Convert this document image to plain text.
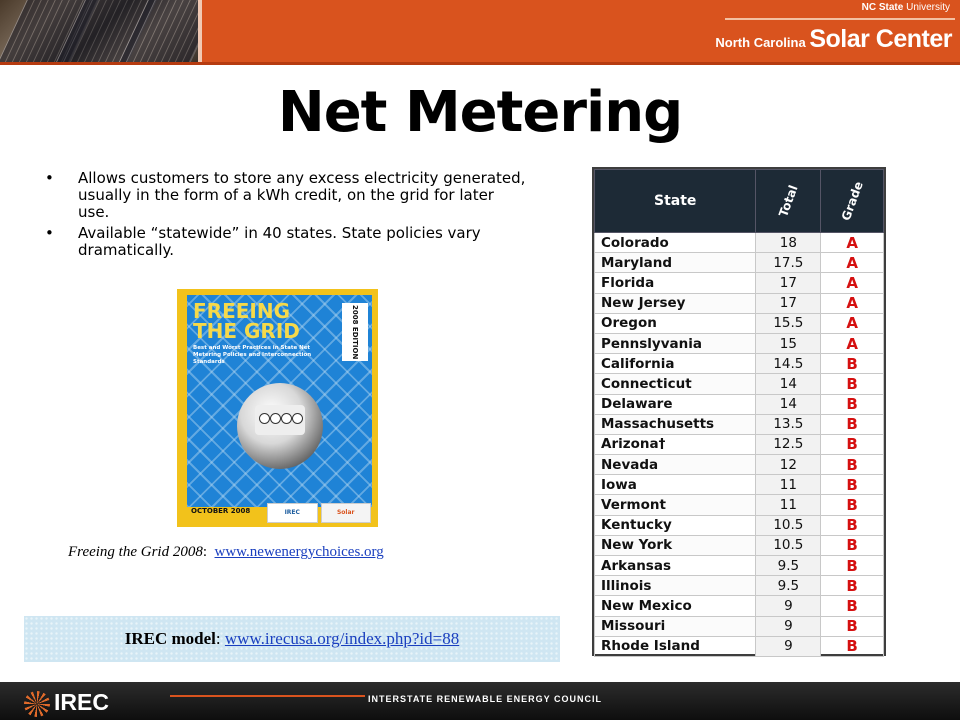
NC State University
North Carolina Solar Center
Net Metering
• Allows customers to store any excess electricity generated, usually in the form of a kWh credit, on the grid for later use.
• Available “statewide” in 40 states. State policies vary dramatically.
FREEING
THE GRID	2008 EDITION
Best and Worst Practices in State Net Metering Policies and Interconnection Standards
OCTOBER 2008	IREC	Solar
Freeing the Grid 2008:  www.newenergychoices.org
IREC model: www.irecusa.org/index.php?id=88
State	Total	Grade
Colorado	18	A
Maryland	17.5	A
Florida	17	A
New Jersey	17	A
Oregon	15.5	A
Pennslyvania	15	A
California	14.5	B
Connecticut	14	B
Delaware	14	B
Massachusetts	13.5	B
Arizona†	12.5	B
Nevada	12	B
Iowa	11	B
Vermont	11	B
Kentucky	10.5	B
New York	10.5	B
Arkansas	9.5	B
Illinois	9.5	B
New Mexico	9	B
Missouri	9	B
Rhode Island	9	B
IREC	INTERSTATE RENEWABLE ENERGY COUNCIL
